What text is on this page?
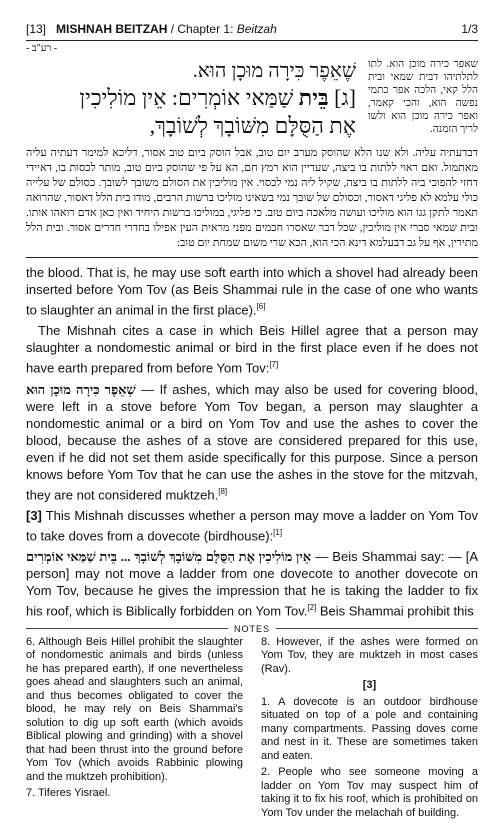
[13] MISHNAH BEITZAH / Chapter 1: Beitzah	1/3
- רע"ב -
שאפר כירה מוכן הוא. לתו לתלתיהו דבית שמאי ובית הלל קאי, הלכה אפר כתמי נפשה הוא, והכי קאמר, ואפר כירה מוכן הוא ולשו לריך הזמנה.
שֶׁאֵפֶר כִּירָה מוּכָן הוּא.
[ג] בֵּית שַׁמַּאי אוֹמְרִים: אֵין מוֹלִיכִין
אֶת הַסֻּלָּם מִשּׁוֹבָךְ לְשׁוֹבָךְ,
דבדעתיה עליה. ולא שנו הלא שהוסק מערב יום טוב, אבל הוסק ביום טוב אסור, דליכא למימר דעתיה עליה מאתמול. ואם ראוי ללתות בו ביצה, שעדיין הוא רמץ חם, הא על פי שהוסק ביום טוב, מותר לכסות בו, דאיידי דחזי להפוכי ביה ללתות בו ביצה, שקיל ליה נמי לכסוי. אין מוליכין את הסולם משובך לשובך. כסולם של עלייה כולי עלמא לא פליגי דאסור, וכסולם של שובך נמי בשאינו מוליכו ברשות הרבים, מודו בית הלל דאסור, שהרואה תאמר לתקן גגו הוא מוליכו ועושה מלאכה ביום טוב. כי פליגי, במוליכו ברשות היחיד ואין כאן אדם רואהו אותו. ובית שמאי סברי אין מוליכין, שכל דבר שאסרו חכמים מפני מראית העין אפילו בחדרי חדרים אסור. ובית הלל מתירין, אף על גב דבעלמא דינא הכי הוא, הכא שרי משום שמחת יום טוב:

the blood. That is, he may use soft earth into which a shovel had already been inserted before Yom Tov (as Beis Shammai rule in the case of one who wants to slaughter an animal in the first place).[6]

The Mishnah cites a case in which Beis Hillel agree that a person may slaughter a nondomestic animal or bird in the first place even if he does not have earth prepared from before Yom Tov:[7]

שְׁאֵפֶר כִּירָה מוּכָן הוּא — If ashes, which may also be used for covering blood, were left in a stove before Yom Tov began, a person may slaughter a nondomestic animal or a bird on Yom Tov and use the ashes to cover the blood, because the ashes of a stove are considered prepared for this use, even if he did not set them aside specifically for this purpose. Since a person knows before Yom Tov that he can use the ashes in the stove for the mitzvah, they are not considered muktzeh.[8]

[3] This Mishnah discusses whether a person may move a ladder on Yom Tov to take doves from a dovecote (birdhouse):[1]

אֵין מוֹלִיכִין אֶת הַסֻּלָּם מִשּׁוֹבָךְ לְשׁוֹבָךְ ... בֵּית שַׁמַּאי אוֹמְרִים — Beis Shammai say: — [A person] may not move a ladder from one dovecote to another dovecote on Yom Tov, because he gives the impression that he is taking the ladder to fix his roof, which is Biblically forbidden on Yom Tov.[2] Beis Shammai prohibit this

NOTES

6. Although Beis Hillel prohibit the slaughter of nondomestic animals and birds (unless he has prepared earth), if one nevertheless goes ahead and slaughters such an animal, and thus becomes obligated to cover the blood, he may rely on Beis Shammai's solution to dig up soft earth (which avoids Biblical plowing and grinding) with a shovel that had been thrust into the ground before Yom Tov (which avoids Rabbinic plowing and the muktzeh prohibition).

7. Tiferes Yisrael.

8. However, if the ashes were formed on Yom Tov, they are muktzeh in most cases (Rav).

[3]

1. A dovecote is an outdoor birdhouse situated on top of a pole and containing many compartments. Passing doves come and nest in it. These are sometimes taken and eaten.

2. People who see someone moving a ladder on Yom Tov may suspect him of taking it to fix his roof, which is prohibited on Yom Tov under the melachah of building.
